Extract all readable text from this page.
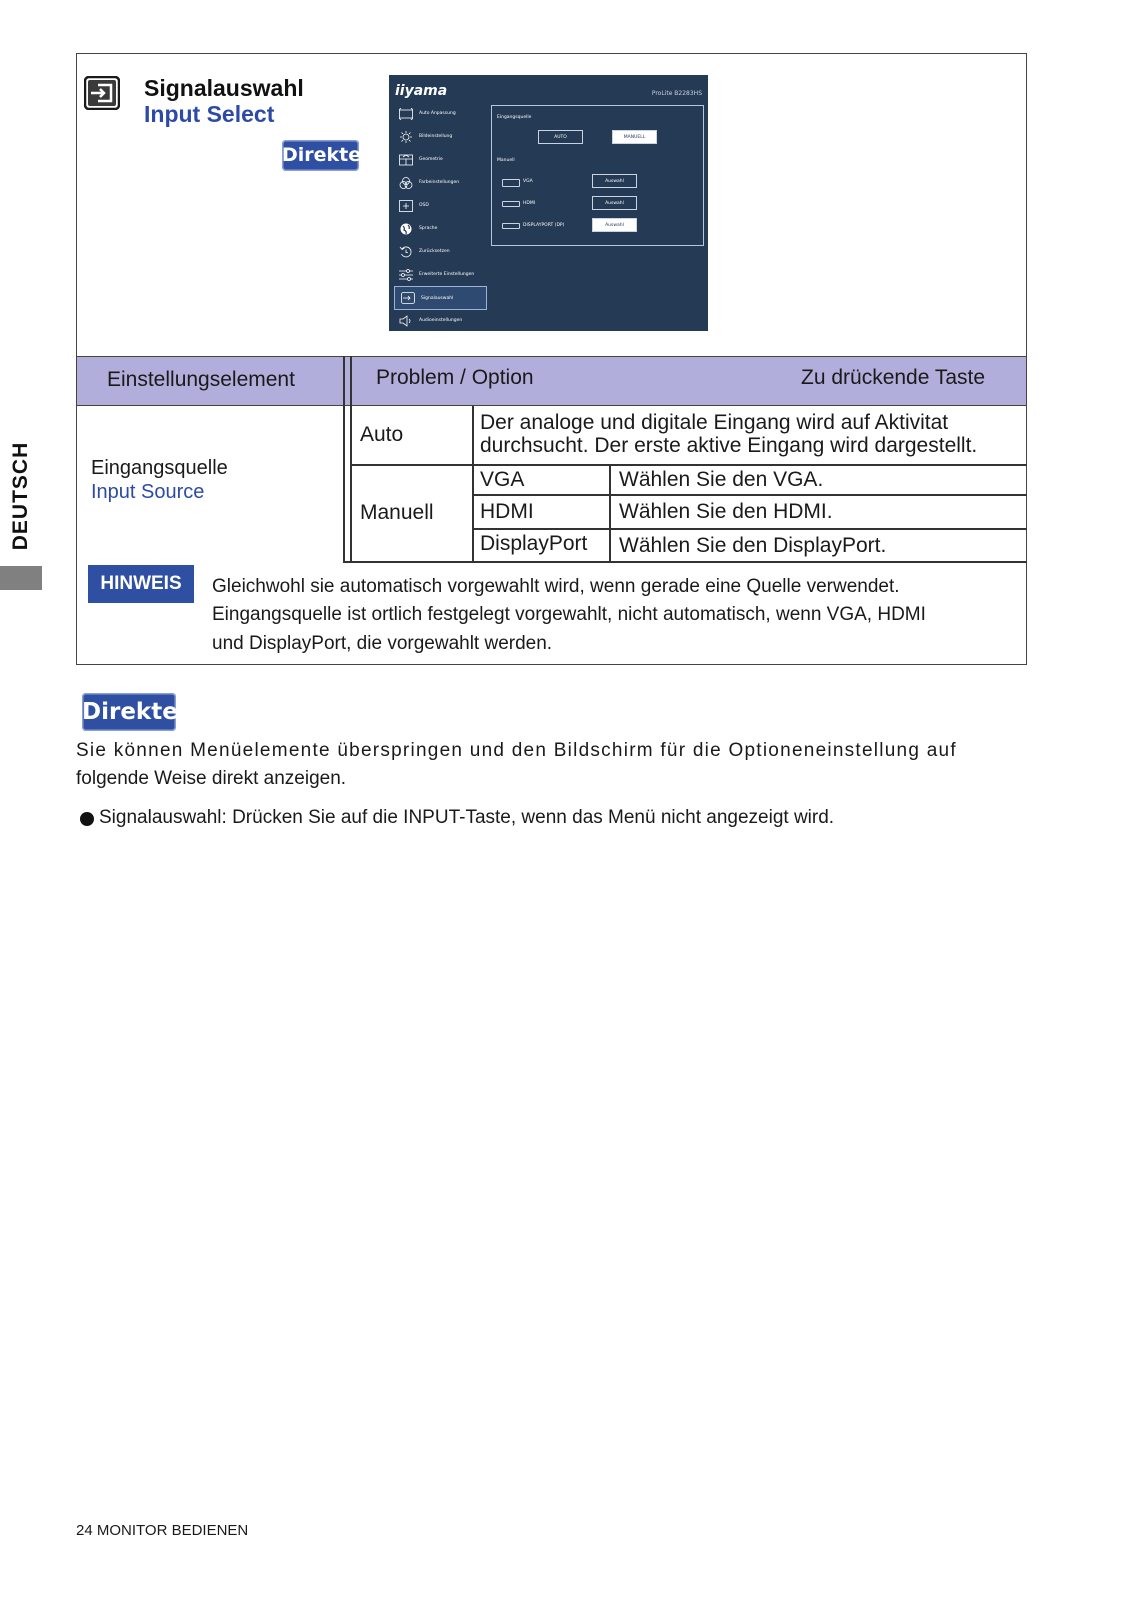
DEUTSCH
Signalauswahl
Input Select
Direkte
iiyama	ProLite B2283HS
Auto Anpassung
Bildeinstellung
Geometrie
Farbeinstellungen
OSD
Sprache
Zurücksetzen
Erweiterte Einstellungen
Signalauswahl
Audioeinstellungen
Eingangsquelle
AUTO	MANUELL
Manuell
VGA	Auswahl
HDMI	Auswahl
DISPLAYPORT (DP)	Auswahl
Einstellungselement	Problem / Option	Zu drückende Taste
Eingangsquelle
Input Source
Auto
Der analoge und digitale Eingang wird auf Aktivitat
durchsucht. Der erste aktive Eingang wird dargestellt.
Manuell
VGA	Wählen Sie den VGA.
HDMI	Wählen Sie den HDMI.
DisplayPort Wählen Sie den DisplayPort.
HINWEIS	Gleichwohl sie automatisch vorgewahlt wird, wenn gerade eine Quelle verwendet.
Eingangsquelle ist ortlich festgelegt vorgewahlt, nicht automatisch, wenn VGA, HDMI
und DisplayPort, die vorgewahlt werden.
Direkte
Sie können Menüelemente überspringen und den Bildschirm für die Optioneneinstellung auf
folgende Weise direkt anzeigen.
Signalauswahl: Drücken Sie auf die INPUT-Taste, wenn das Menü nicht angezeigt wird.
24 MONITOR BEDIENEN
